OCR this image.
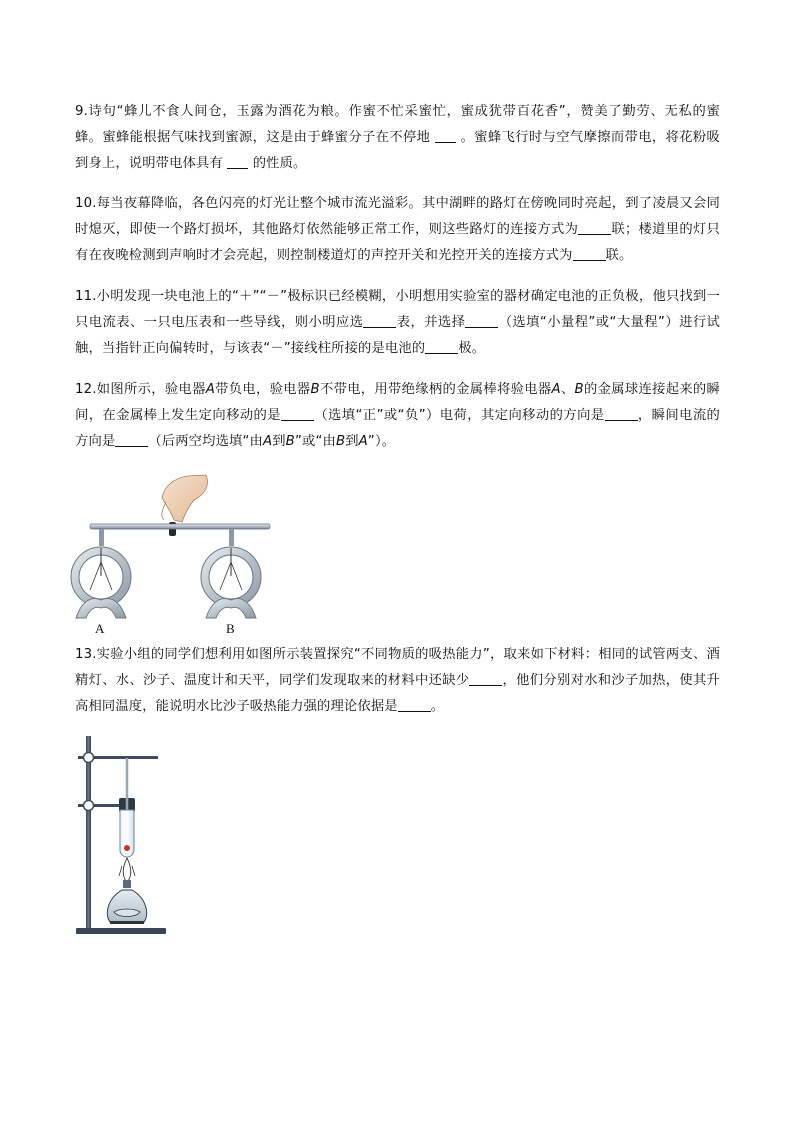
9.诗句“蜂儿不食人间仓，玉露为酒花为粮。作蜜不忙采蜜忙，蜜成犹带百花香”，赞美了勤劳、无私的蜜蜂。蜜蜂能根据气味找到蜜源，这是由于蜂蜜分子在不停地 。蜜蜂飞行时与空气摩擦而带电，将花粉吸到身上，说明带电体具有 的性质。

10.每当夜幕降临，各色闪亮的灯光让整个城市流光溢彩。其中湖畔的路灯在傍晚同时亮起，到了凌晨又会同时熄灭，即使一个路灯损坏，其他路灯依然能够正常工作，则这些路灯的连接方式为 联；楼道里的灯只有在夜晚检测到声响时才会亮起，则控制楼道灯的声控开关和光控开关的连接方式为 联。

11.小明发现一块电池上的“＋”“－”极标识已经模糊，小明想用实验室的器材确定电池的正负极，他只找到一只电流表、一只电压表和一些导线，则小明应选 表，并选择 （选填“小量程”或“大量程”）进行试触，当指针正向偏转时，与该表“－”接线柱所接的是电池的 极。

12.如图所示，验电器A带负电，验电器B不带电，用带绝缘柄的金属棒将验电器A、B的金属球连接起来的瞬间，在金属棒上发生定向移动的是 （选填“正”或“负”）电荷，其定向移动的方向是 ，瞬间电流的方向是 （后两空均选填“由A到B”或“由B到A”）。

A	B

13.实验小组的同学们想利用如图所示装置探究“不同物质的吸热能力”，取来如下材料：相同的试管两支、酒精灯、水、沙子、温度计和天平，同学们发现取来的材料中还缺少 ，他们分别对水和沙子加热，使其升高相同温度，能说明水比沙子吸热能力强的理论依据是 。
